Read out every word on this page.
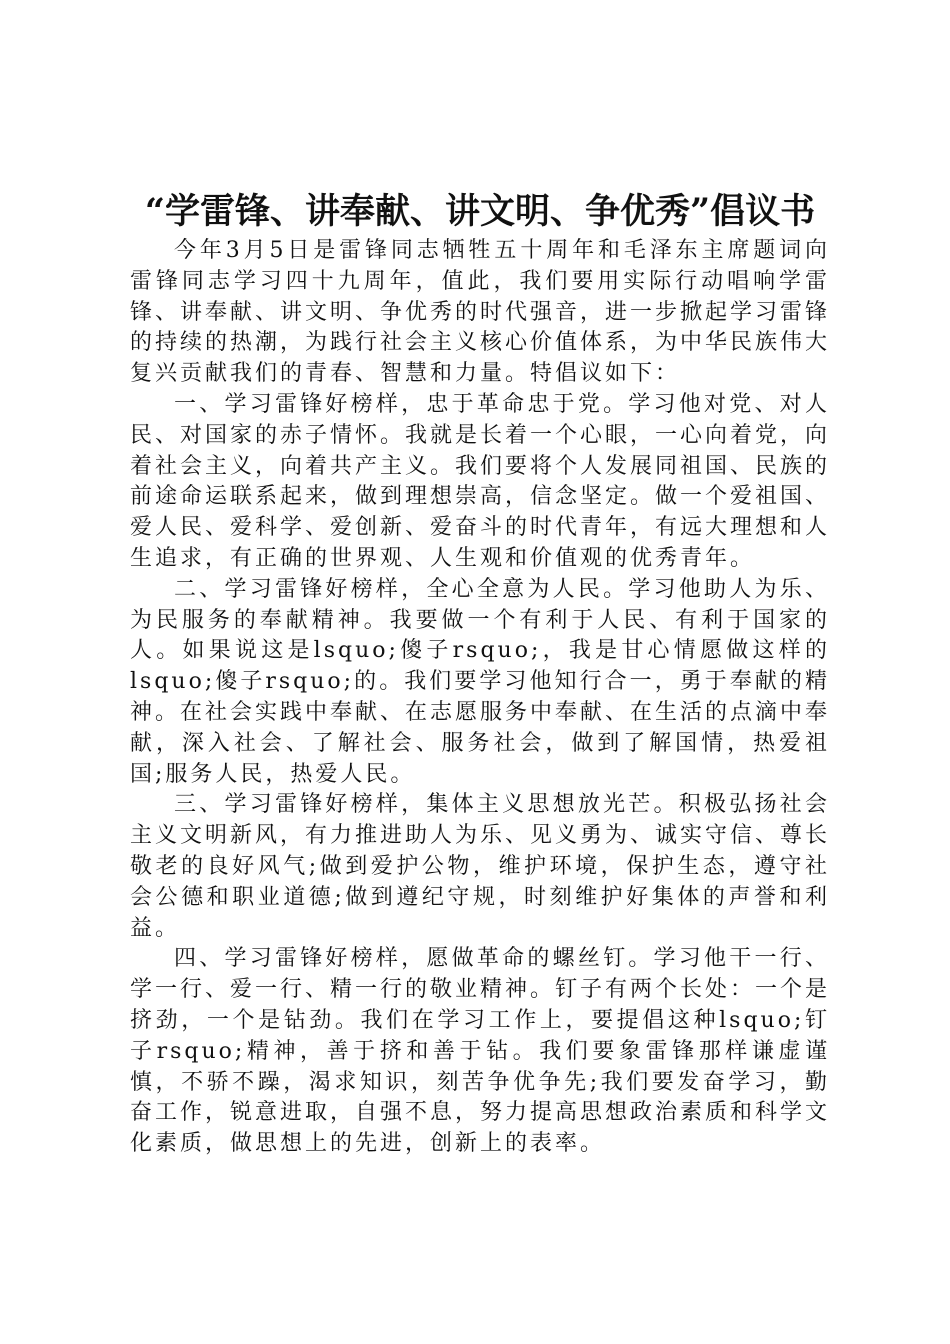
“学雷锋、讲奉献、讲文明、争优秀”倡议书

今年3月5日是雷锋同志牺牲五十周年和毛泽东主席题词向雷锋同志学习四十九周年，值此，我们要用实际行动唱响学雷锋、讲奉献、讲文明、争优秀的时代强音，进一步掀起学习雷锋的持续的热潮，为践行社会主义核心价值体系，为中华民族伟大复兴贡献我们的青春、智慧和力量。特倡议如下：

一、学习雷锋好榜样，忠于革命忠于党。学习他对党、对人民、对国家的赤子情怀。我就是长着一个心眼，一心向着党，向着社会主义，向着共产主义。我们要将个人发展同祖国、民族的前途命运联系起来，做到理想崇高，信念坚定。做一个爱祖国、爱人民、爱科学、爱创新、爱奋斗的时代青年，有远大理想和人生追求，有正确的世界观、人生观和价值观的优秀青年。

二、学习雷锋好榜样，全心全意为人民。学习他助人为乐、为民服务的奉献精神。我要做一个有利于人民、有利于国家的人。如果说这是lsquo;傻子rsquo;，我是甘心情愿做这样的lsquo;傻子rsquo;的。我们要学习他知行合一，勇于奉献的精神。在社会实践中奉献、在志愿服务中奉献、在生活的点滴中奉献，深入社会、了解社会、服务社会，做到了解国情，热爱祖国;服务人民，热爱人民。

三、学习雷锋好榜样，集体主义思想放光芒。积极弘扬社会主义文明新风，有力推进助人为乐、见义勇为、诚实守信、尊长敬老的良好风气;做到爱护公物，维护环境，保护生态，遵守社会公德和职业道德;做到遵纪守规，时刻维护好集体的声誉和利益。

四、学习雷锋好榜样，愿做革命的螺丝钉。学习他干一行、学一行、爱一行、精一行的敬业精神。钉子有两个长处：一个是挤劲，一个是钻劲。我们在学习工作上，要提倡这种lsquo;钉子rsquo;精神，善于挤和善于钻。我们要象雷锋那样谦虚谨慎，不骄不躁，渴求知识，刻苦争优争先;我们要发奋学习，勤奋工作，锐意进取，自强不息，努力提高思想政治素质和科学文化素质，做思想上的先进，创新上的表率。
